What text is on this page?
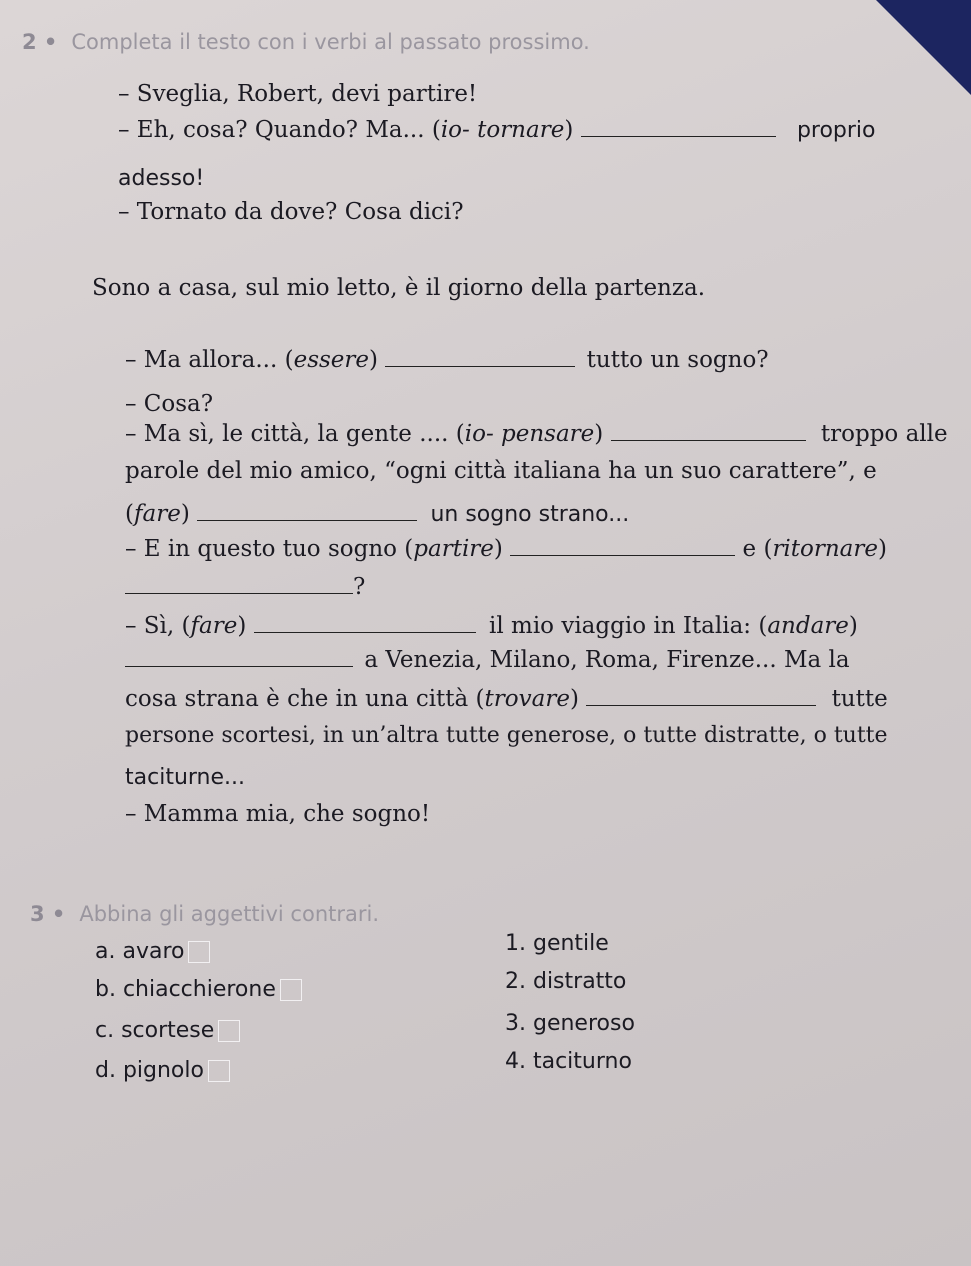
2 • Completa il testo con i verbi al passato prossimo.
– Sveglia, Robert, devi partire!
– Eh, cosa? Quando? Ma... (io- tornare)	proprio
adesso!
– Tornato da dove? Cosa dici?
Sono a casa, sul mio letto, è il giorno della partenza.
– Ma allora... (essere)	tutto un sogno?
– Cosa?
– Ma sì, le città, la gente .... (io- pensare)	troppo alle
parole del mio amico, “ogni città italiana ha un suo carattere”, e
(fare)	un sogno strano...
– E in questo tuo sogno (partire)	e (ritornare)
?
– Sì, (fare)	il mio viaggio in Italia: (andare)
a Venezia, Milano, Roma, Firenze... Ma la
cosa strana è che in una città (trovare)	tutte
persone scortesi, in un’altra tutte generose, o tutte distratte, o tutte
taciturne...
– Mamma mia, che sogno!
3 • Abbina gli aggettivi contrari.
a. avaro
b. chiacchierone
c. scortese
d. pignolo
1. gentile
2. distratto
3. generoso
4. taciturno
